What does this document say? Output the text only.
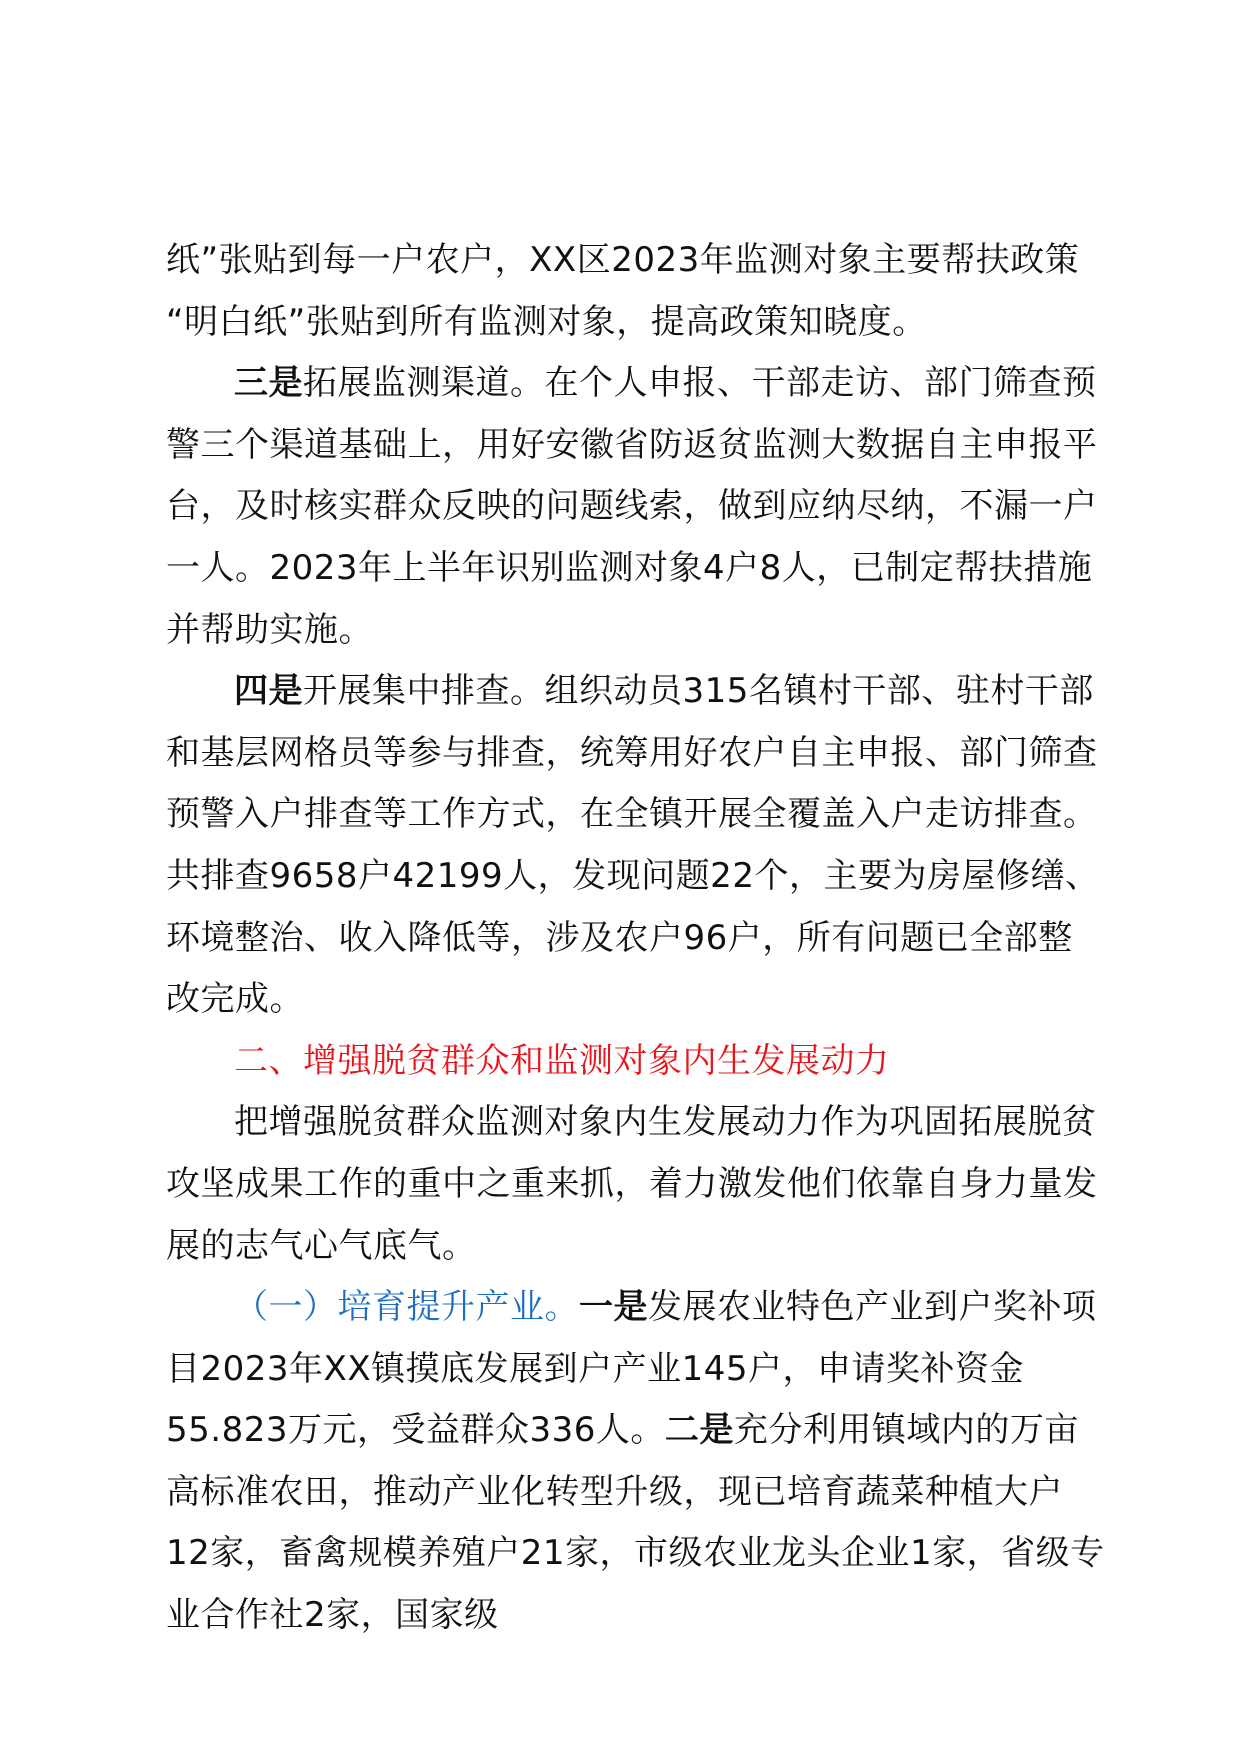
纸”张贴到每一户农户，XX区2023年监测对象主要帮扶政策
“明白纸”张贴到所有监测对象，提高政策知晓度。

三是拓展监测渠道。在个人申报、干部走访、部门筛查预警三个渠道基础上，用好安徽省防返贫监测大数据自主申报平台，及时核实群众反映的问题线索，做到应纳尽纳，不漏一户一人。2023年上半年识别监测对象4户8人，已制定帮扶措施并帮助实施。

四是开展集中排查。组织动员315名镇村干部、驻村干部和基层网格员等参与排查，统筹用好农户自主申报、部门筛查预警入户排查等工作方式，在全镇开展全覆盖入户走访排查。共排查9658户42199人，发现问题22个，主要为房屋修缮、环境整治、收入降低等，涉及农户96户，所有问题已全部整改完成。

二、增强脱贫群众和监测对象内生发展动力

把增强脱贫群众监测对象内生发展动力作为巩固拓展脱贫攻坚成果工作的重中之重来抓，着力激发他们依靠自身力量发展的志气心气底气。

（一）培育提升产业。一是发展农业特色产业到户奖补项目2023年XX镇摸底发展到户产业145户，申请奖补资金55.823万元，受益群众336人。二是充分利用镇域内的万亩高标准农田，推动产业化转型升级，现已培育蔬菜种植大户12家，畜禽规模养殖户21家，市级农业龙头企业1家，省级专业合作社2家，国家级
